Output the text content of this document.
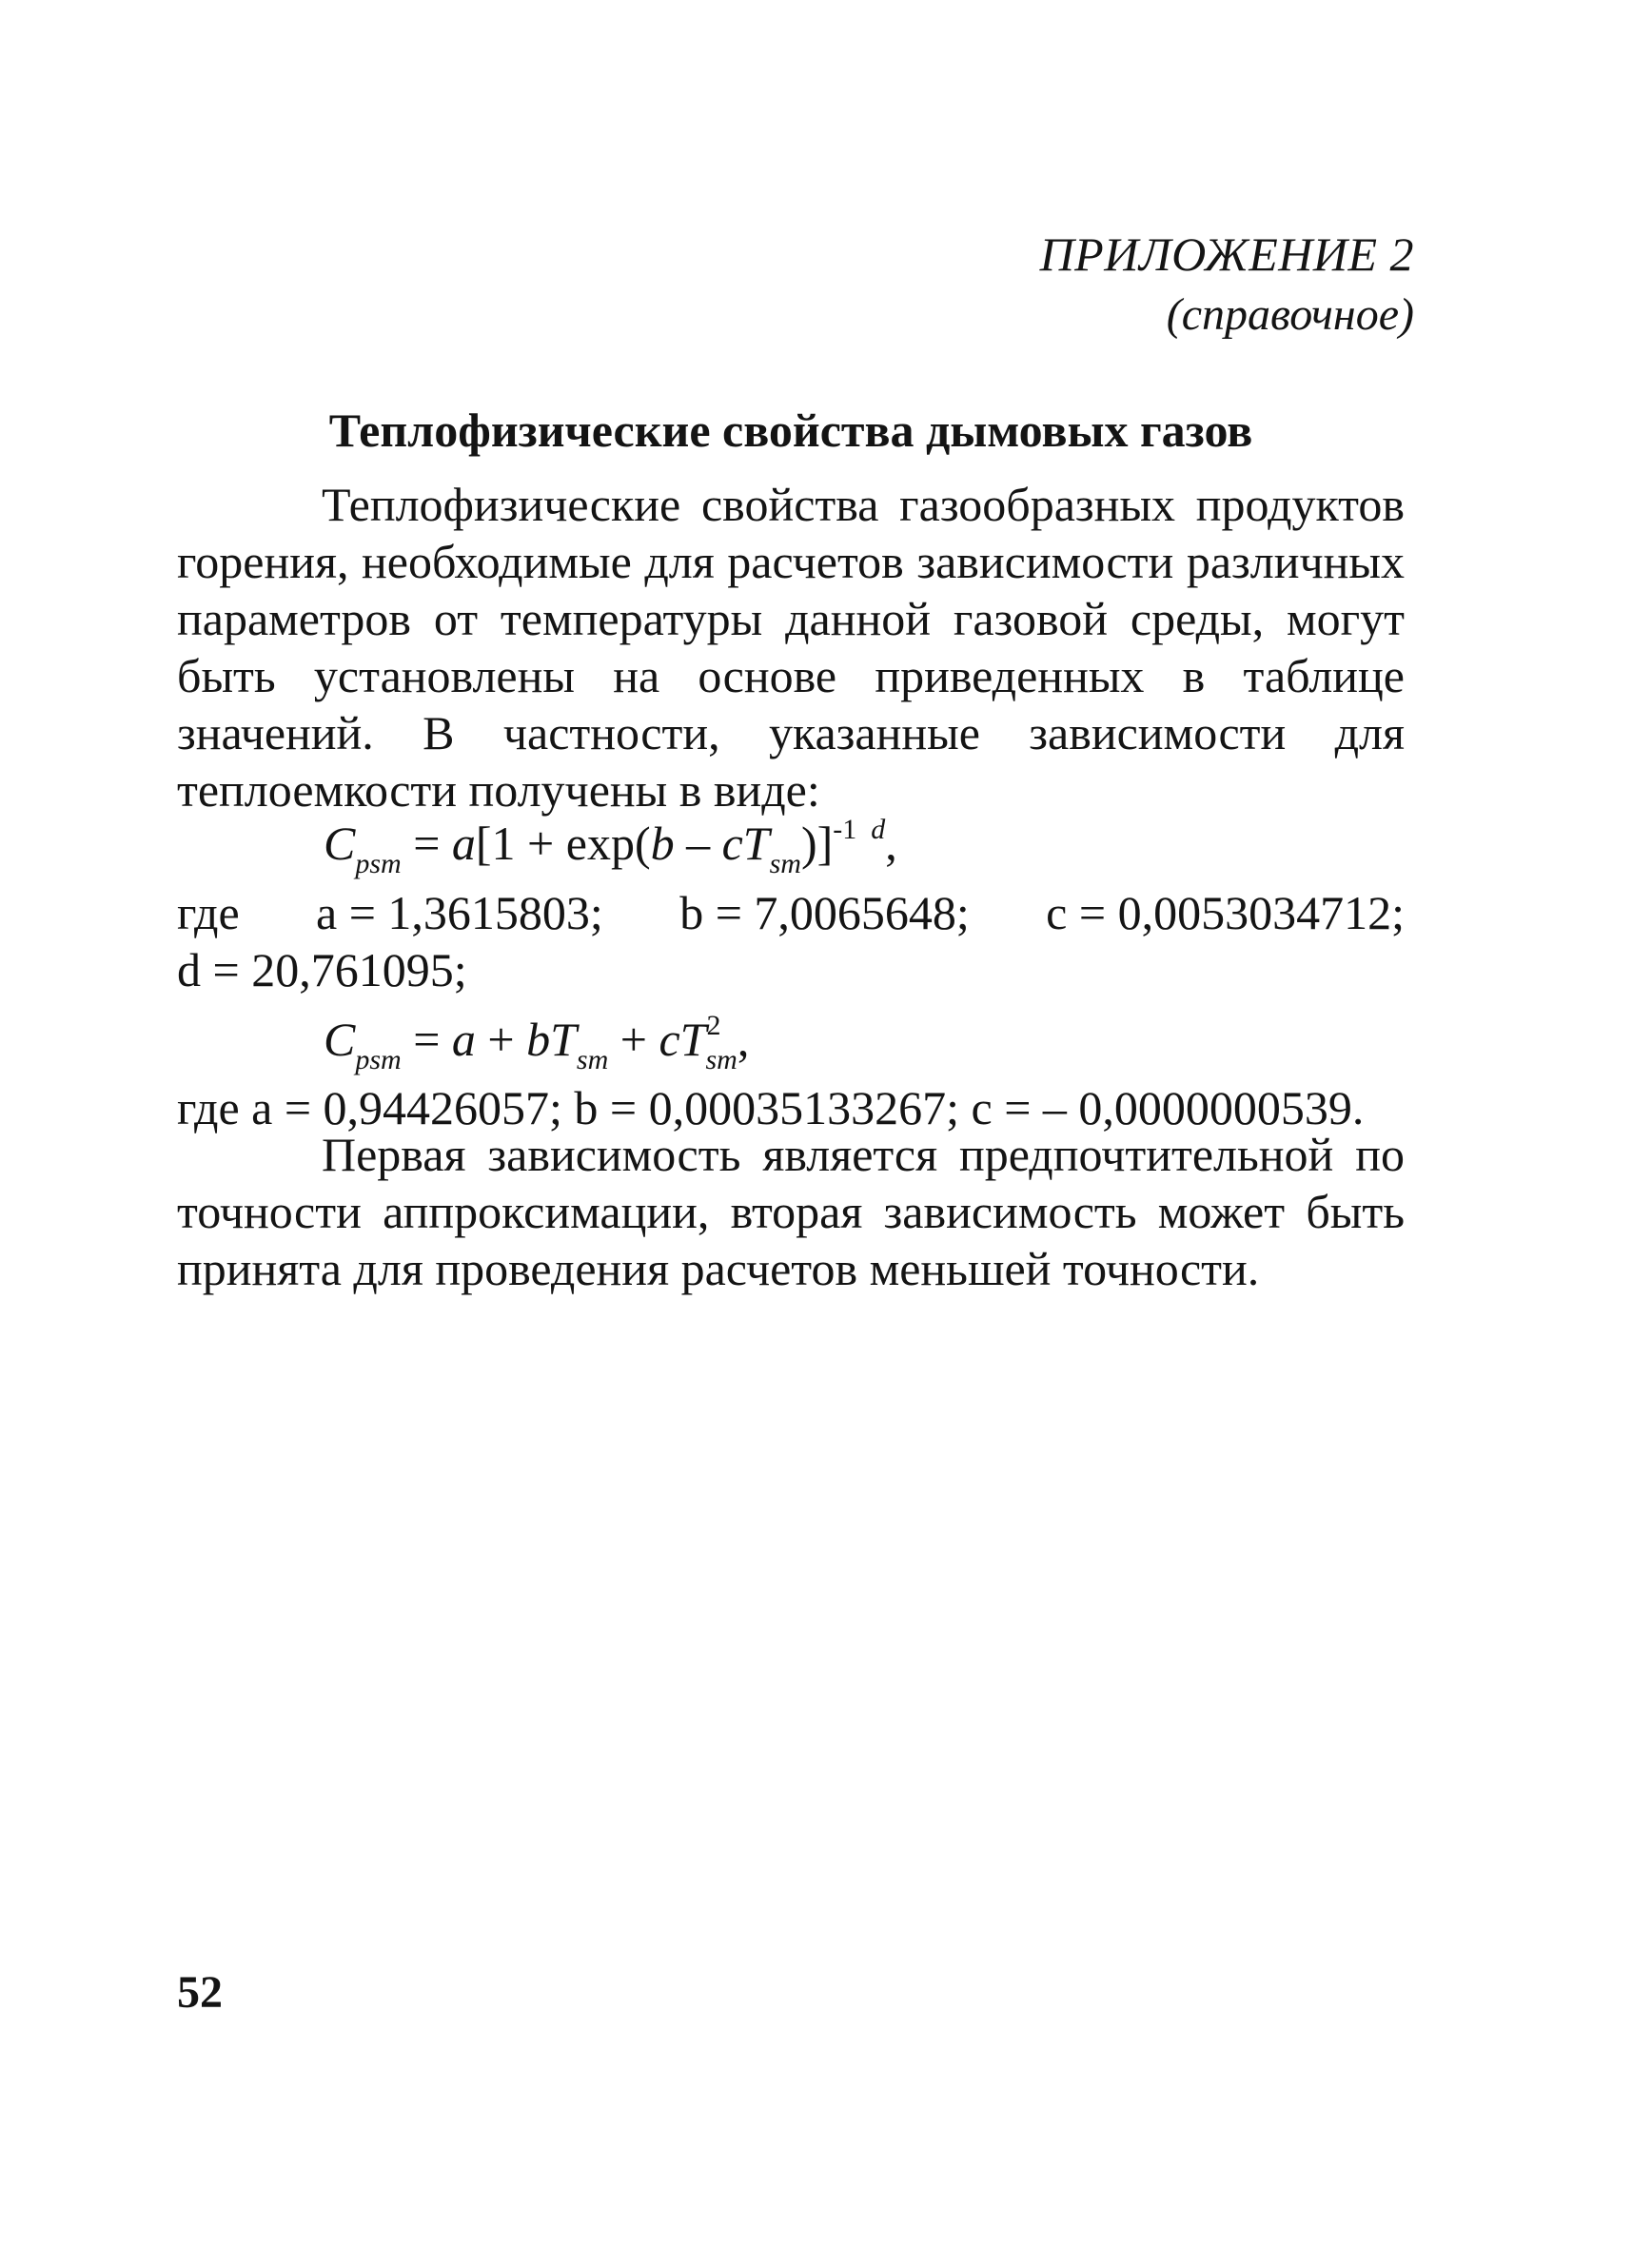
ПРИЛОЖЕНИЕ 2
(справочное)
Теплофизические свойства дымовых газов
Теплофизические свойства газообразных продуктов горения, необходимые для расчетов зависимости различных параметров от температуры данной газовой среды, могут быть установлены на основе приведенных в таблице значений. В частности, указанные зависимости для теплоемкости получены в виде:
$C_{psm} = a[1 + \exp(b - cT_{sm})]^{-1}$ $^d$,
где a = 1,3615803; b = 7,0065648; c = 0,0053034712;
d = 20,761095;
$C_{psm} = a + bT_{sm} + cT^2_{sm}$,
где a = 0,94426057; b = 0,00035133267; c = – 0,0000000539.
Первая зависимость является предпочтительной по точности аппроксимации, вторая зависимость может быть принята для проведения расчетов меньшей точности.
52
